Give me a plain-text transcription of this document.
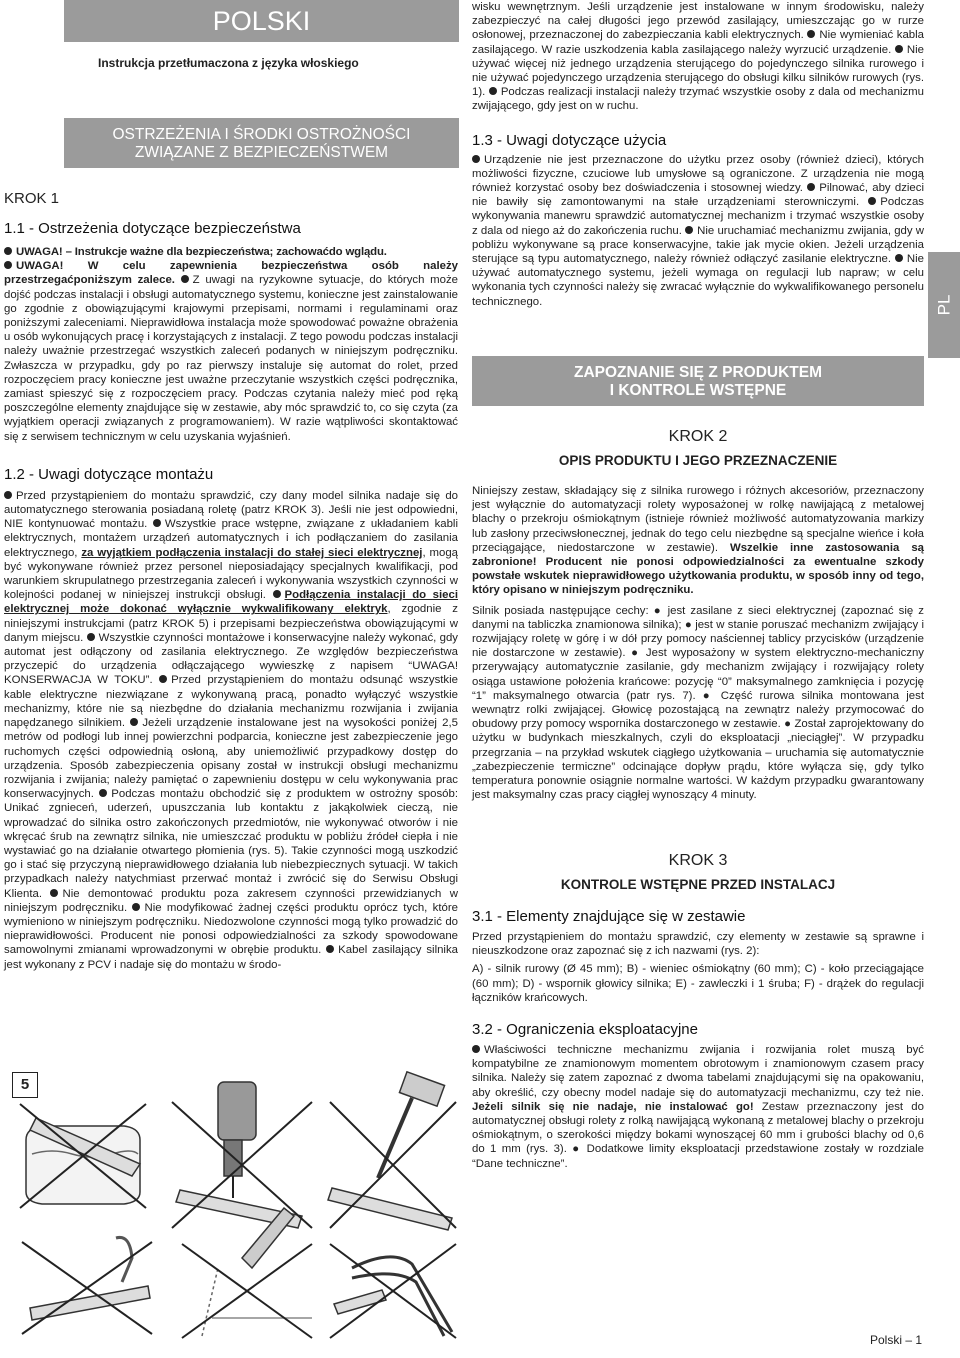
POLSKI
Instrukcja przetłumaczona z języka włoskiego
PL
OSTRZEŻENIA I ŚRODKI OSTROŻNOŚCI
ZWIĄZANE Z BEZPIECZEŃSTWEM
KROK 1

1.1 - Ostrzeżenia dotyczące bezpieczeństwa

UWAGA! – Instrukcje ważne dla bezpieczeństwa; zachowaćdo wglądu.

UWAGA! W celu zapewnienia bezpieczeństwa osób należy przestrzegaćponiższym zalece. Z uwagi na ryzykowne sytuacje, do których może dojść podczas instalacji i obsługi automatycznego systemu, konieczne jest zainstalowanie go zgodnie z obowiązującymi krajowymi przepisami, normami i regulaminami oraz poniższymi zaleceniami. Nieprawidłowa instalacja może spowodować poważne obrażenia u osób wykonujących pracę i korzystających z instalacji. Z tego powodu podczas instalacji należy uważnie przestrzegać wszystkich zaleceń podanych w niniejszym podręczniku. Zwłaszcza w przypadku, gdy po raz pierwszy instaluje się automat do rolet, przed rozpoczęciem pracy konieczne jest uważne przeczytanie wszystkich części podręcznika, zamiast spieszyć się z rozpoczęciem pracy. Podczas czytania należy mieć pod ręką poszczególne elementy znajdujące się w zestawie, aby móc sprawdzić to, co się czyta (za wyjątkiem operacji związanych z programowaniem). W razie wątpliwości skontaktować się z serwisem technicznym w celu uzyskania wyjaśnień.

1.2 - Uwagi dotyczące montażu

Przed przystąpieniem do montażu sprawdzić, czy dany model silnika nadaje się do automatycznego sterowania posiadaną roletę (patrz KROK 3). Jeśli nie jest odpowiedni, NIE kontynuować montażu. Wszystkie prace wstępne, związane z układaniem kabli elektrycznych, montażem urządzeń automatycznych i ich podłączaniem do zasilania elektrycznego, za wyjątkiem podłączenia instalacji do stałej sieci elektrycznej, mogą być wykonywane również przez personel nieposiadający specjalnych kwalifikacji, pod warunkiem skrupulatnego przestrzegania zaleceń i wykonywania wszystkich czynności w kolejności podanej w niniejszej instrukcji obsługi. Podłączenia instalacji do sieci elektrycznej może dokonać wyłącznie wykwalifikowany elektryk, zgodnie z niniejszymi instrukcjami (patrz KROK 5) i przepisami bezpieczeństwa obowiązującymi w danym miejscu. Wszystkie czynności montażowe i konserwacyjne należy wykonać, gdy automat jest odłączony od zasilania elektrycznego. Ze względów bezpieczeństwa przyczepić do urządzenia odłączającego wywieszkę z napisem “UWAGA! KONSERWACJA W TOKU”. Przed przystąpieniem do montażu odsunąć wszystkie kable elektryczne niezwiązane z wykonywaną pracą, ponadto wyłączyć wszystkie mechanizmy, które nie są niezbędne do działania mechanizmu rozwijania i zwijania napędzanego silnikiem. Jeżeli urządzenie instalowane jest na wysokości poniżej 2,5 metrów od podłogi lub innej powierzchni podparcia, konieczne jest zabezpieczenie jego ruchomych części odpowiednią osłoną, aby uniemożliwić przypadkowy dostęp do urządzenia. Sposób zabezpieczenia opisany został w instrukcji obsługi mechanizmu rozwijania i zwijania; należy pamiętać o zapewnieniu dostępu w celu wykonywania prac konserwacyjnych. Podczas montażu obchodzić się z produktem w ostrożny sposób: Unikać zgnieceń, uderzeń, upuszczania lub kontaktu z jakąkolwiek cieczą, nie wprowadzać do silnika ostro zakończonych przedmiotów, nie wykonywać otworów i nie wkręcać śrub na zewnątrz silnika, nie umieszczać produktu w pobliżu źródeł ciepła i nie wystawiać go na działanie otwartego płomienia (rys. 5). Takie czynności mogą uszkodzić go i stać się przyczyną nieprawidłowego działania lub niebezpiecznych sytuacji. W takich przypadkach należy natychmiast przerwać montaż i zwrócić się do Serwisu Obsługi Klienta. Nie demontować produktu poza zakresem czynności przewidzianych w niniejszym podręczniku. Nie modyfikować żadnej części produktu oprócz tych, które wymieniono w niniejszym podręczniku. Niedozwolone czynności mogą tylko prowadzić do nieprawidłowości. Producent nie ponosi odpowiedzialności za szkody spowodowane samowolnymi zmianami wprowadzonymi w obrębie produktu. Kabel zasilający silnika jest wykonany z PCV i nadaje się do montażu w środo-

5

wisku wewnętrznym. Jeśli urządzenie jest instalowane w innym środowisku, należy zabezpieczyć na całej długości jego przewód zasilający, umieszczając go w rurze osłonowej, przeznaczonej do zabezpieczania kabli elektrycznych. Nie wymieniać kabla zasilającego. W razie uszkodzenia kabla zasilającego należy wyrzucić urządzenie. Nie używać więcej niż jednego urządzenia sterującego do pojedynczego silnika rurowego i nie używać pojedynczego urządzenia sterującego do obsługi kilku silników rurowych (rys. 1). Podczas realizacji instalacji należy trzymać wszystkie osoby z dala od mechanizmu zwijającego, gdy jest on w ruchu.

1.3 - Uwagi dotyczące użycia

Urządzenie nie jest przeznaczone do użytku przez osoby (również dzieci), których możliwości fizyczne, czuciowe lub umysłowe są ograniczone. Z urządzenia nie mogą również korzystać osoby bez doświadczenia i stosownej wiedzy. Pilnować, aby dzieci nie bawiły się zamontowanymi na stałe urządzeniami sterowniczymi. Podczas wykonywania manewru sprawdzić automatycznej mechanizm i trzymać wszystkie osoby z dala od niego aż do zakończenia ruchu. Nie uruchamiać mechanizmu zwijania, gdy w pobliżu wykonywane są prace konserwacyjne, takie jak mycie okien. Jeżeli urządzenia sterujące są typu automatycznego, należy również odłączyć zasilanie elektryczne. Nie używać automatycznego systemu, jeżeli wymaga on regulacji lub napraw; w celu wykonania tych czynności należy się zwracać wyłącznie do wykwalifikowanego personelu technicznego.

ZAPOZNANIE SIĘ Z PRODUKTEM
I KONTROLE WSTĘPNE
KROK 2
OPIS PRODUKTU I JEGO PRZEZNACZENIE

Niniejszy zestaw, składający się z silnika rurowego i różnych akcesoriów, przeznaczony jest wyłącznie do automatyzacji rolety wyposażonej w rolkę nawijającą z metalowej blachy o przekroju ośmiokątnym (istnieje również możliwość automatyzowania markizy lub zasłony przeciwsłonecznej, jednak do tego celu niezbędne są specjalne wieńce i koła przeciągające, niedostarczone w zestawie). Wszelkie inne zastosowania są zabronione! Producent nie ponosi odpowiedzialności za ewentualne szkody powstałe wskutek nieprawidłowego użytkowania produktu, w sposób inny od tego, który opisano w niniejszym podręczniku.

Silnik posiada następujące cechy: ● jest zasilane z sieci elektrycznej (zapoznać się z danymi na tabliczka znamionowa silnika); ● jest w stanie poruszać mechanizm zwijający i rozwijający roletę w górę i w dół przy pomocy naściennej tablicy przycisków (urządzenie nie dostarczone w zestawie). ● Jest wyposażony w system elektryczno-mechaniczny przerywający automatycznie zasilanie, gdy mechanizm zwijający i rozwijający rolety osiąga ustawione położenia krańcowe: pozycję “0” maksymalnego zamknięcia i pozycję “1” maksymalnego otwarcia (patr rys. 7). ● Część rurowa silnika montowana jest wewnątrz rolki zwijającej. Głowicę pozostającą na zewnątrz należy przymocować do obudowy przy pomocy wspornika dostarczonego w zestawie. ● Został zaprojektowany do użytku w budynkach mieszkalnych, czyli do eksploatacji „nieciągłej”. W przypadku przegrzania – na przykład wskutek ciągłego użytkowania – uruchamia się automatycznie „zabezpieczenie termiczne” odcinające dopływ prądu, które wyłącza się, gdy tylko temperatura ponownie osiągnie normalne wartości. W każdym przypadku gwarantowany jest maksymalny czas pracy ciągłej wynoszący 4 minuty.

KROK 3
KONTROLE WSTĘPNE PRZED INSTALACJ

3.1 - Elementy znajdujące się w zestawie

Przed przystąpieniem do montażu sprawdzić, czy elementy w zestawie są sprawne i nieuszkodzone oraz zapoznać się z ich nazwami (rys. 2):

A) - silnik rurowy (Ø 45 mm); B) - wieniec ośmiokątny (60 mm); C) - koło przeciągające (60 mm); D) - wspornik głowicy silnika; E) - zawleczki i 1 śruba; F) - drążek do regulacji łączników krańcowych.

3.2 - Ograniczenia eksploatacyjne

Właściwości techniczne mechanizmu zwijania i rozwijania rolet muszą być kompatybilne ze znamionowym momentem obrotowym i znamionowym czasem pracy silnika. Należy się zatem zapoznać z dwoma tabelami znajdującymi się na opakowaniu, aby określić, czy obecny model nadaje się do automatyzacji mechanizmu, czy też nie. Jeżeli silnik się nie nadaje, nie instalować go! Zestaw przeznaczony jest do automatycznej obsługi rolety z rolką nawijającą wykonaną z metalowej blachy o przekroju ośmiokątnym, o szerokości między bokami wynoszącej 60 mm i grubości blachy od 0,6 do 1 mm (rys. 3). ● Dodatkowe limity eksploatacji przedstawione zostały w rozdziale “Dane techniczne”.

Polski – 1
